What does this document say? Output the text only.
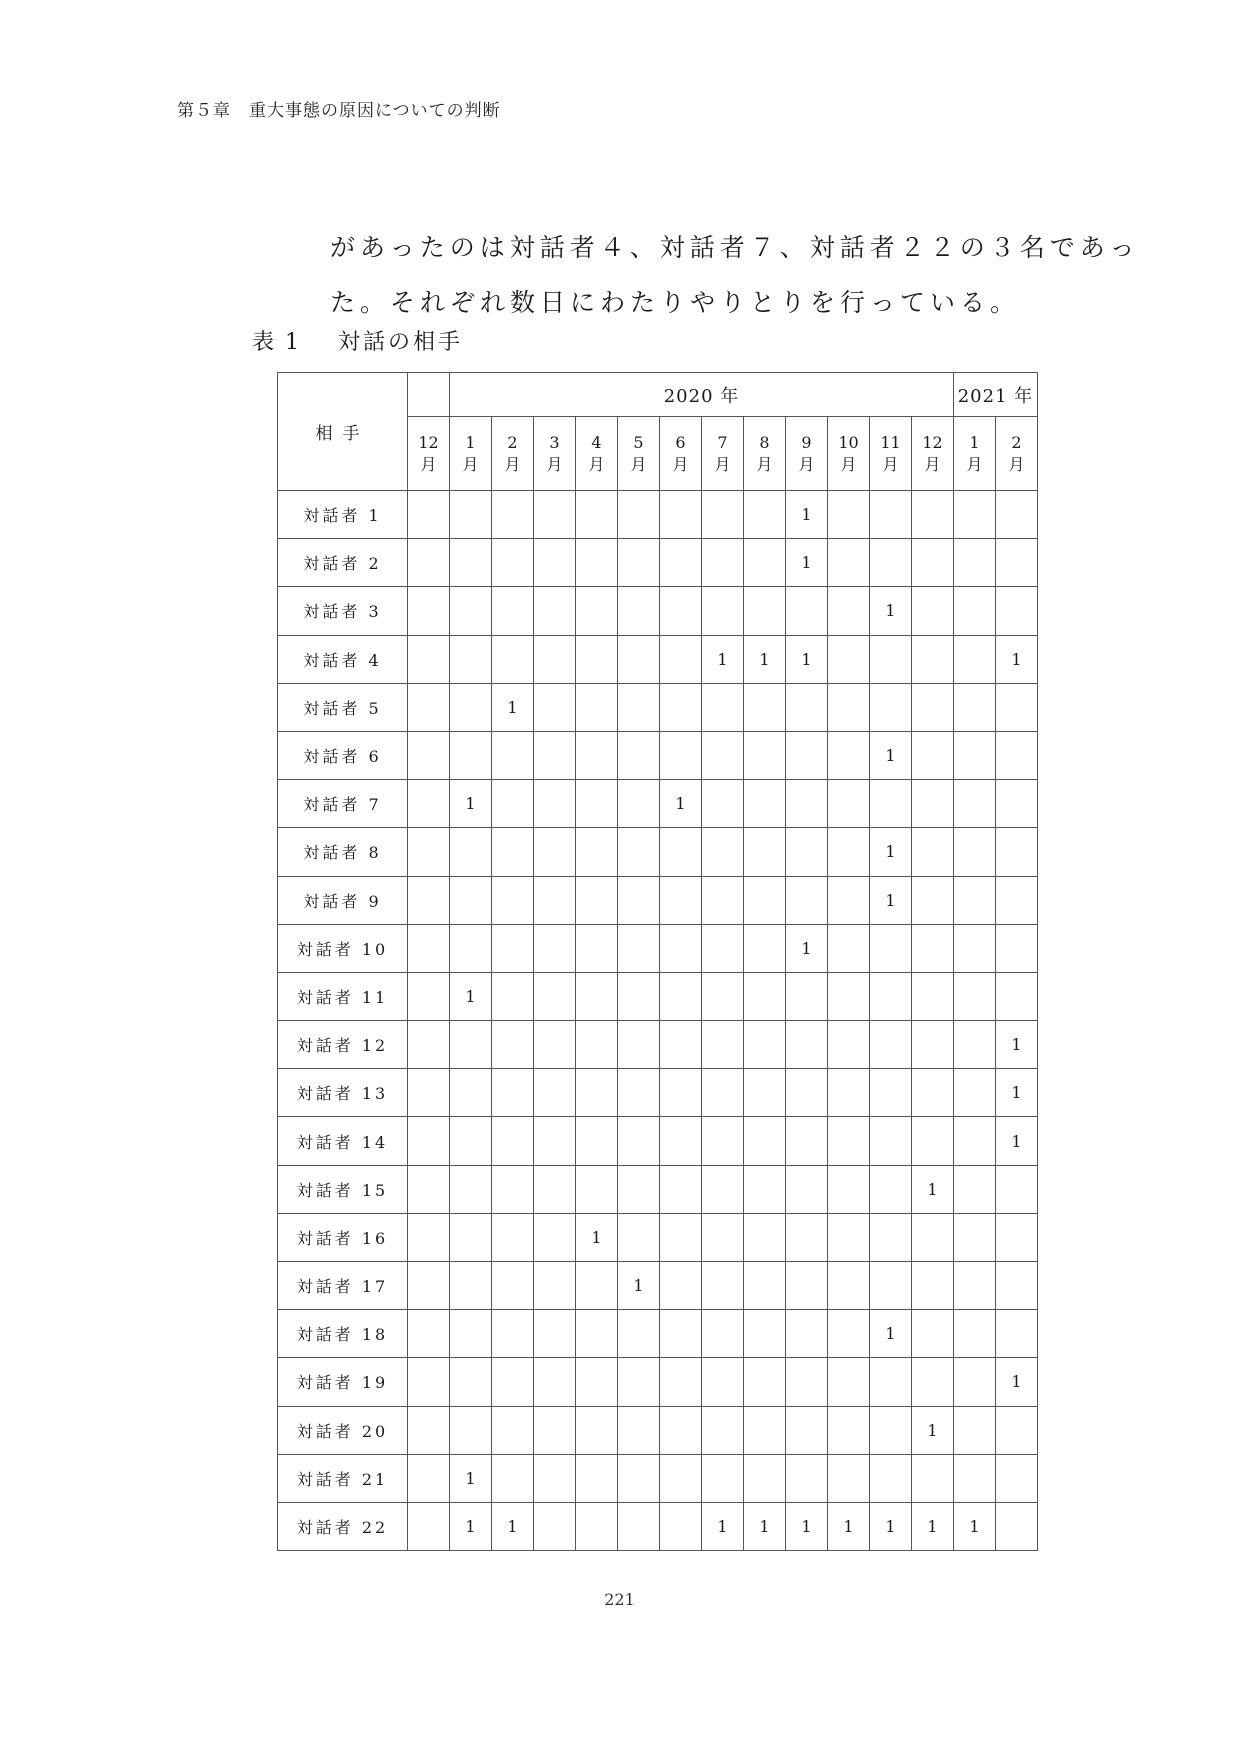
第５章　重大事態の原因についての判断

があったのは対話者４、対話者７、対話者２２の３名であっ

た。それぞれ数日にわたりやりとりを行っている。

表 1 対話の相手
相手		2020 年												2021 年	

	12
月	1
月	2
月	3
月	4
月	5
月	6
月	7
月	8
月	9
月	10
月	11
月	12
月	1
月	2
月

対話者 1										1					
対話者 2										1					
対話者 3												1			
対話者 4								1	1	1					1
対話者 5			1												
対話者 6												1			
対話者 7		1					1								
対話者 8												1			
対話者 9												1			
対話者 10										1					
対話者 11		1													
対話者 12															1
対話者 13															1
対話者 14															1
対話者 15													1		
対話者 16					1										
対話者 17						1									
対話者 18												1			
対話者 19															1
対話者 20													1		
対話者 21		1													
対話者 22		1	1					1	1	1	1	1	1	1	
221
